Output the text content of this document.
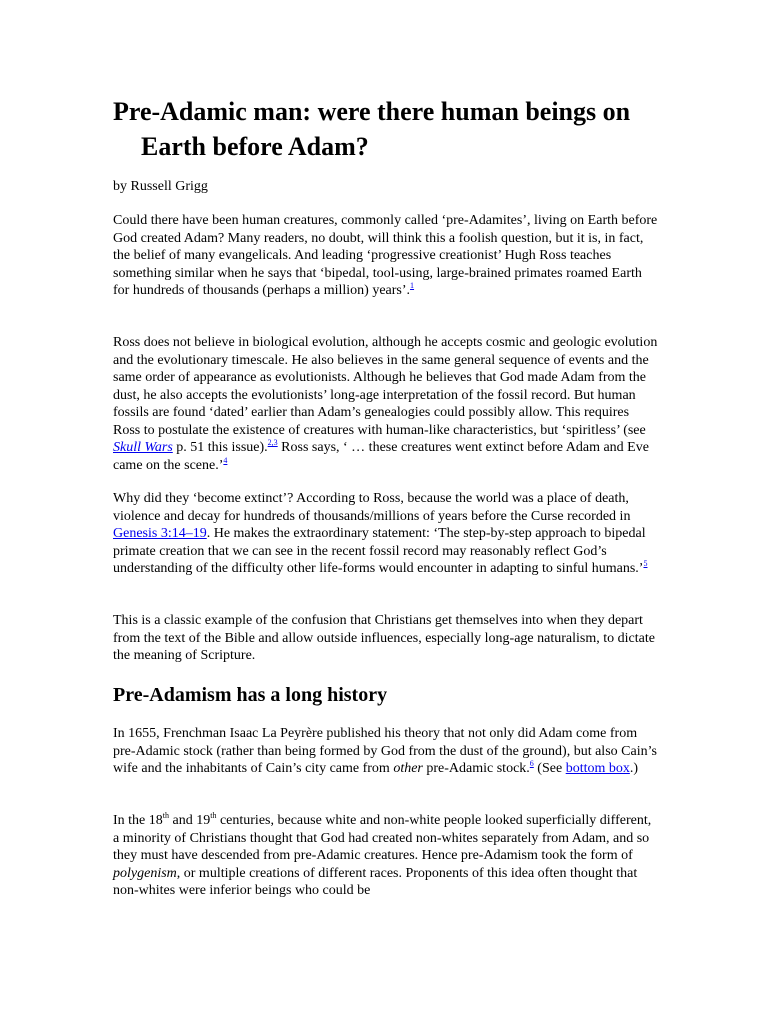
Pre-Adamic man: were there human beings on Earth before Adam?
by Russell Grigg

Could there have been human creatures, commonly called ‘pre-Adamites’, living on Earth before God created Adam? Many readers, no doubt, will think this a foolish question, but it is, in fact, the belief of many evangelicals. And leading ‘progressive creationist’ Hugh Ross teaches something similar when he says that ‘bipedal, tool-using, large-brained primates roamed Earth for hundreds of thousands (perhaps a million) years’.$^1$

Ross does not believe in biological evolution, although he accepts cosmic and geologic evolution and the evolutionary timescale. He also believes in the same general sequence of events and the same order of appearance as evolutionists. Although he believes that God made Adam from the dust, he also accepts the evolutionists’ long-age interpretation of the fossil record. But human fossils are found ‘dated’ earlier than Adam’s genealogies could possibly allow. This requires Ross to postulate the existence of creatures with human-like characteristics, but ‘spiritless’ (see Skull Wars p. 51 this issue).$^{2,3}$ Ross says, ‘ … these creatures went extinct before Adam and Eve came on the scene.’$^4$

Why did they ‘become extinct’? According to Ross, because the world was a place of death, violence and decay for hundreds of thousands/millions of years before the Curse recorded in Genesis 3:14–19. He makes the extraordinary statement: ‘The step-by-step approach to bipedal primate creation that we can see in the recent fossil record may reasonably reflect God’s understanding of the difficulty other life-forms would encounter in adapting to sinful humans.’$^5$

This is a classic example of the confusion that Christians get themselves into when they depart from the text of the Bible and allow outside influences, especially long-age naturalism, to dictate the meaning of Scripture.

Pre-Adamism has a long history

In 1655, Frenchman Isaac La Peyrère published his theory that not only did Adam come from pre-Adamic stock (rather than being formed by God from the dust of the ground), but also Cain’s wife and the inhabitants of Cain’s city came from other pre-Adamic stock.$^6$ (See bottom box.)

In the 18th and 19th centuries, because white and non-white people looked superficially different, a minority of Christians thought that God had created non-whites separately from Adam, and so they must have descended from pre-Adamic creatures. Hence pre-Adamism took the form of polygenism, or multiple creations of different races. Proponents of this idea often thought that non-whites were inferior beings who could be
